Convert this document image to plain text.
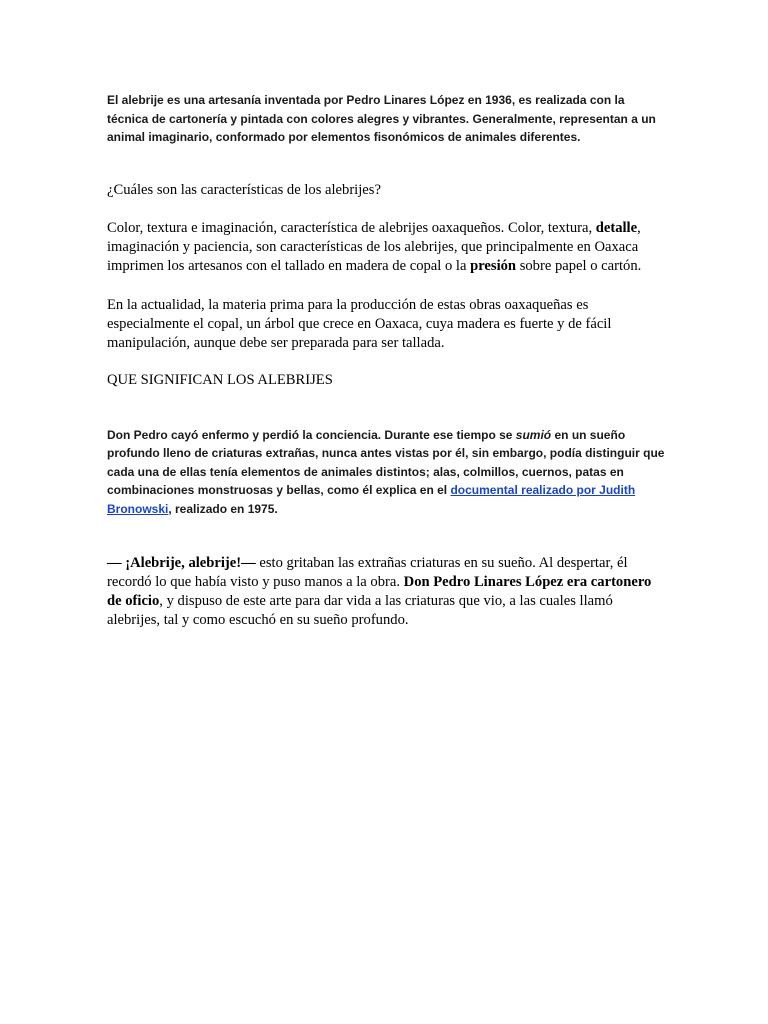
El alebrije es una artesanía inventada por Pedro Linares López en 1936, es realizada con la técnica de cartonería y pintada con colores alegres y vibrantes. Generalmente, representan a un animal imaginario, conformado por elementos fisonómicos de animales diferentes.

¿Cuáles son las características de los alebrijes?

Color, textura e imaginación, característica de alebrijes oaxaqueños. Color, textura, detalle, imaginación y paciencia, son características de los alebrijes, que principalmente en Oaxaca imprimen los artesanos con el tallado en madera de copal o la presión sobre papel o cartón.

En la actualidad, la materia prima para la producción de estas obras oaxaqueñas es especialmente el copal, un árbol que crece en Oaxaca, cuya madera es fuerte y de fácil manipulación, aunque debe ser preparada para ser tallada.

QUE SIGNIFICAN LOS ALEBRIJES

Don Pedro cayó enfermo y perdió la conciencia. Durante ese tiempo se sumió en un sueño profundo lleno de criaturas extrañas, nunca antes vistas por él, sin embargo, podía distinguir que cada una de ellas tenía elementos de animales distintos; alas, colmillos, cuernos, patas en combinaciones monstruosas y bellas, como él explica en el documental realizado por Judith Bronowski, realizado en 1975.

— ¡Alebrije, alebrije!— esto gritaban las extrañas criaturas en su sueño. Al despertar, él recordó lo que había visto y puso manos a la obra. Don Pedro Linares López era cartonero de oficio, y dispuso de este arte para dar vida a las criaturas que vio, a las cuales llamó alebrijes, tal y como escuchó en su sueño profundo.
